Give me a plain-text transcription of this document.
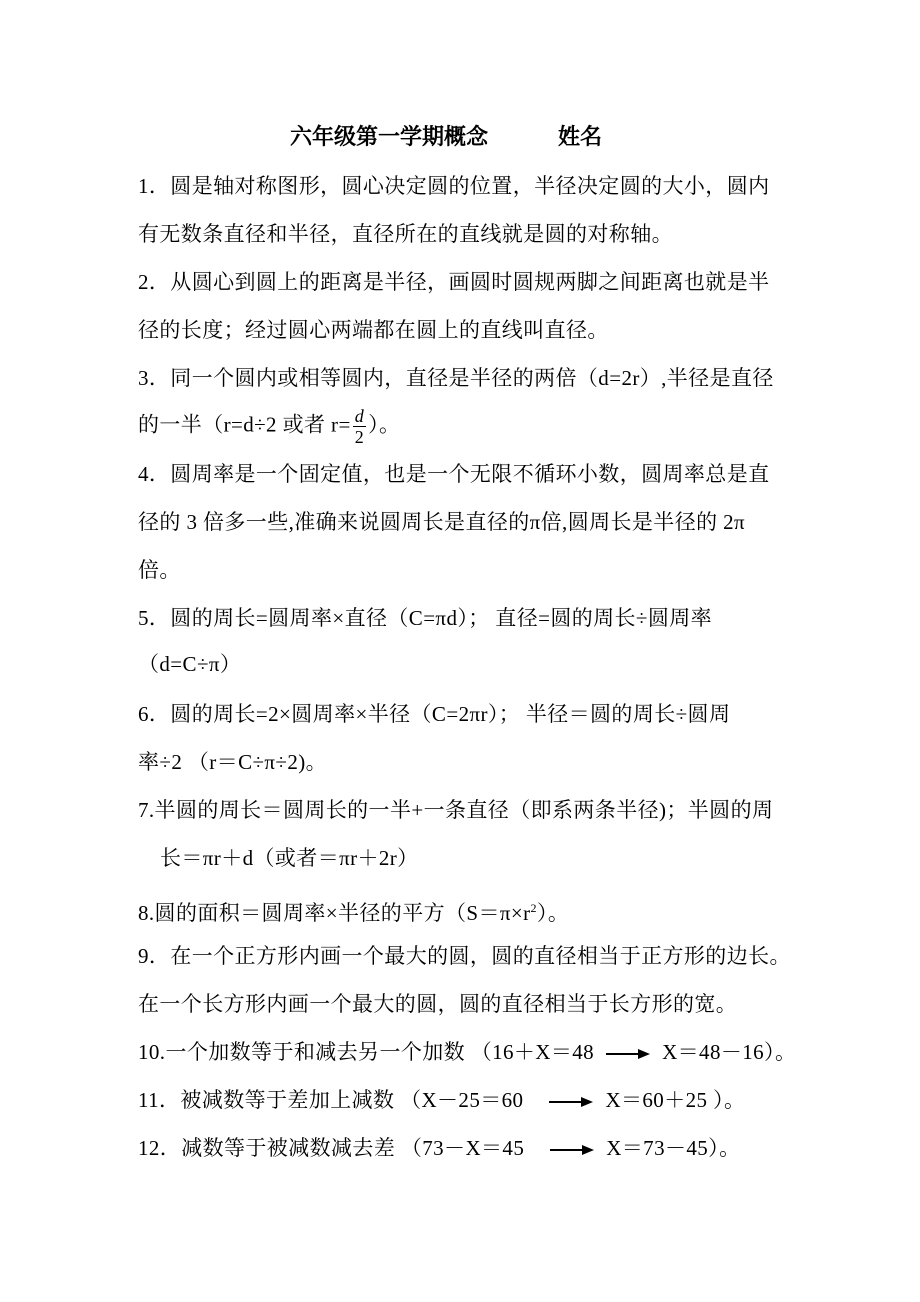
六年级第一学期概念	姓名
1．圆是轴对称图形，圆心决定圆的位置，半径决定圆的大小，圆内
有无数条直径和半径，直径所在的直线就是圆的对称轴。
2．从圆心到圆上的距离是半径，画圆时圆规两脚之间距离也就是半
径的长度；经过圆心两端都在圆上的直线叫直径。
3．同一个圆内或相等圆内，直径是半径的两倍（d=2r）,半径是直径
的一半（r=d÷2 或者 $r= \frac{d}{2}$ ）。
4．圆周率是一个固定值，也是一个无限不循环小数，圆周率总是直
径的 3 倍多一些,准确来说圆周长是直径的π倍,圆周长是半径的 2π
倍。
5．圆的周长=圆周率×直径（C=πd）； 直径=圆的周长÷圆周率
（d=C÷π）
6．圆的周长=2×圆周率×半径（C=2πr）； 半径＝圆的周长÷圆周
率÷2 （r＝C÷π÷2)。
7.半圆的周长＝圆周长的一半+一条直径（即系两条半径)；半圆的周
长＝πr＋d（或者＝πr＋2r）
8.圆的面积＝圆周率×半径的平方$(S=\pi\times r^2)$。
9．在一个正方形内画一个最大的圆，圆的直径相当于正方形的边长。
在一个长方形内画一个最大的圆，圆的直径相当于长方形的宽。
10.一个加数等于和减去另一个加数 （16＋X＝48	X＝48－16）。
11．被减数等于差加上减数 （X－25＝60	X＝60＋25 ）。
12．减数等于被减数减去差 （73－X＝45	X＝73－45）。
